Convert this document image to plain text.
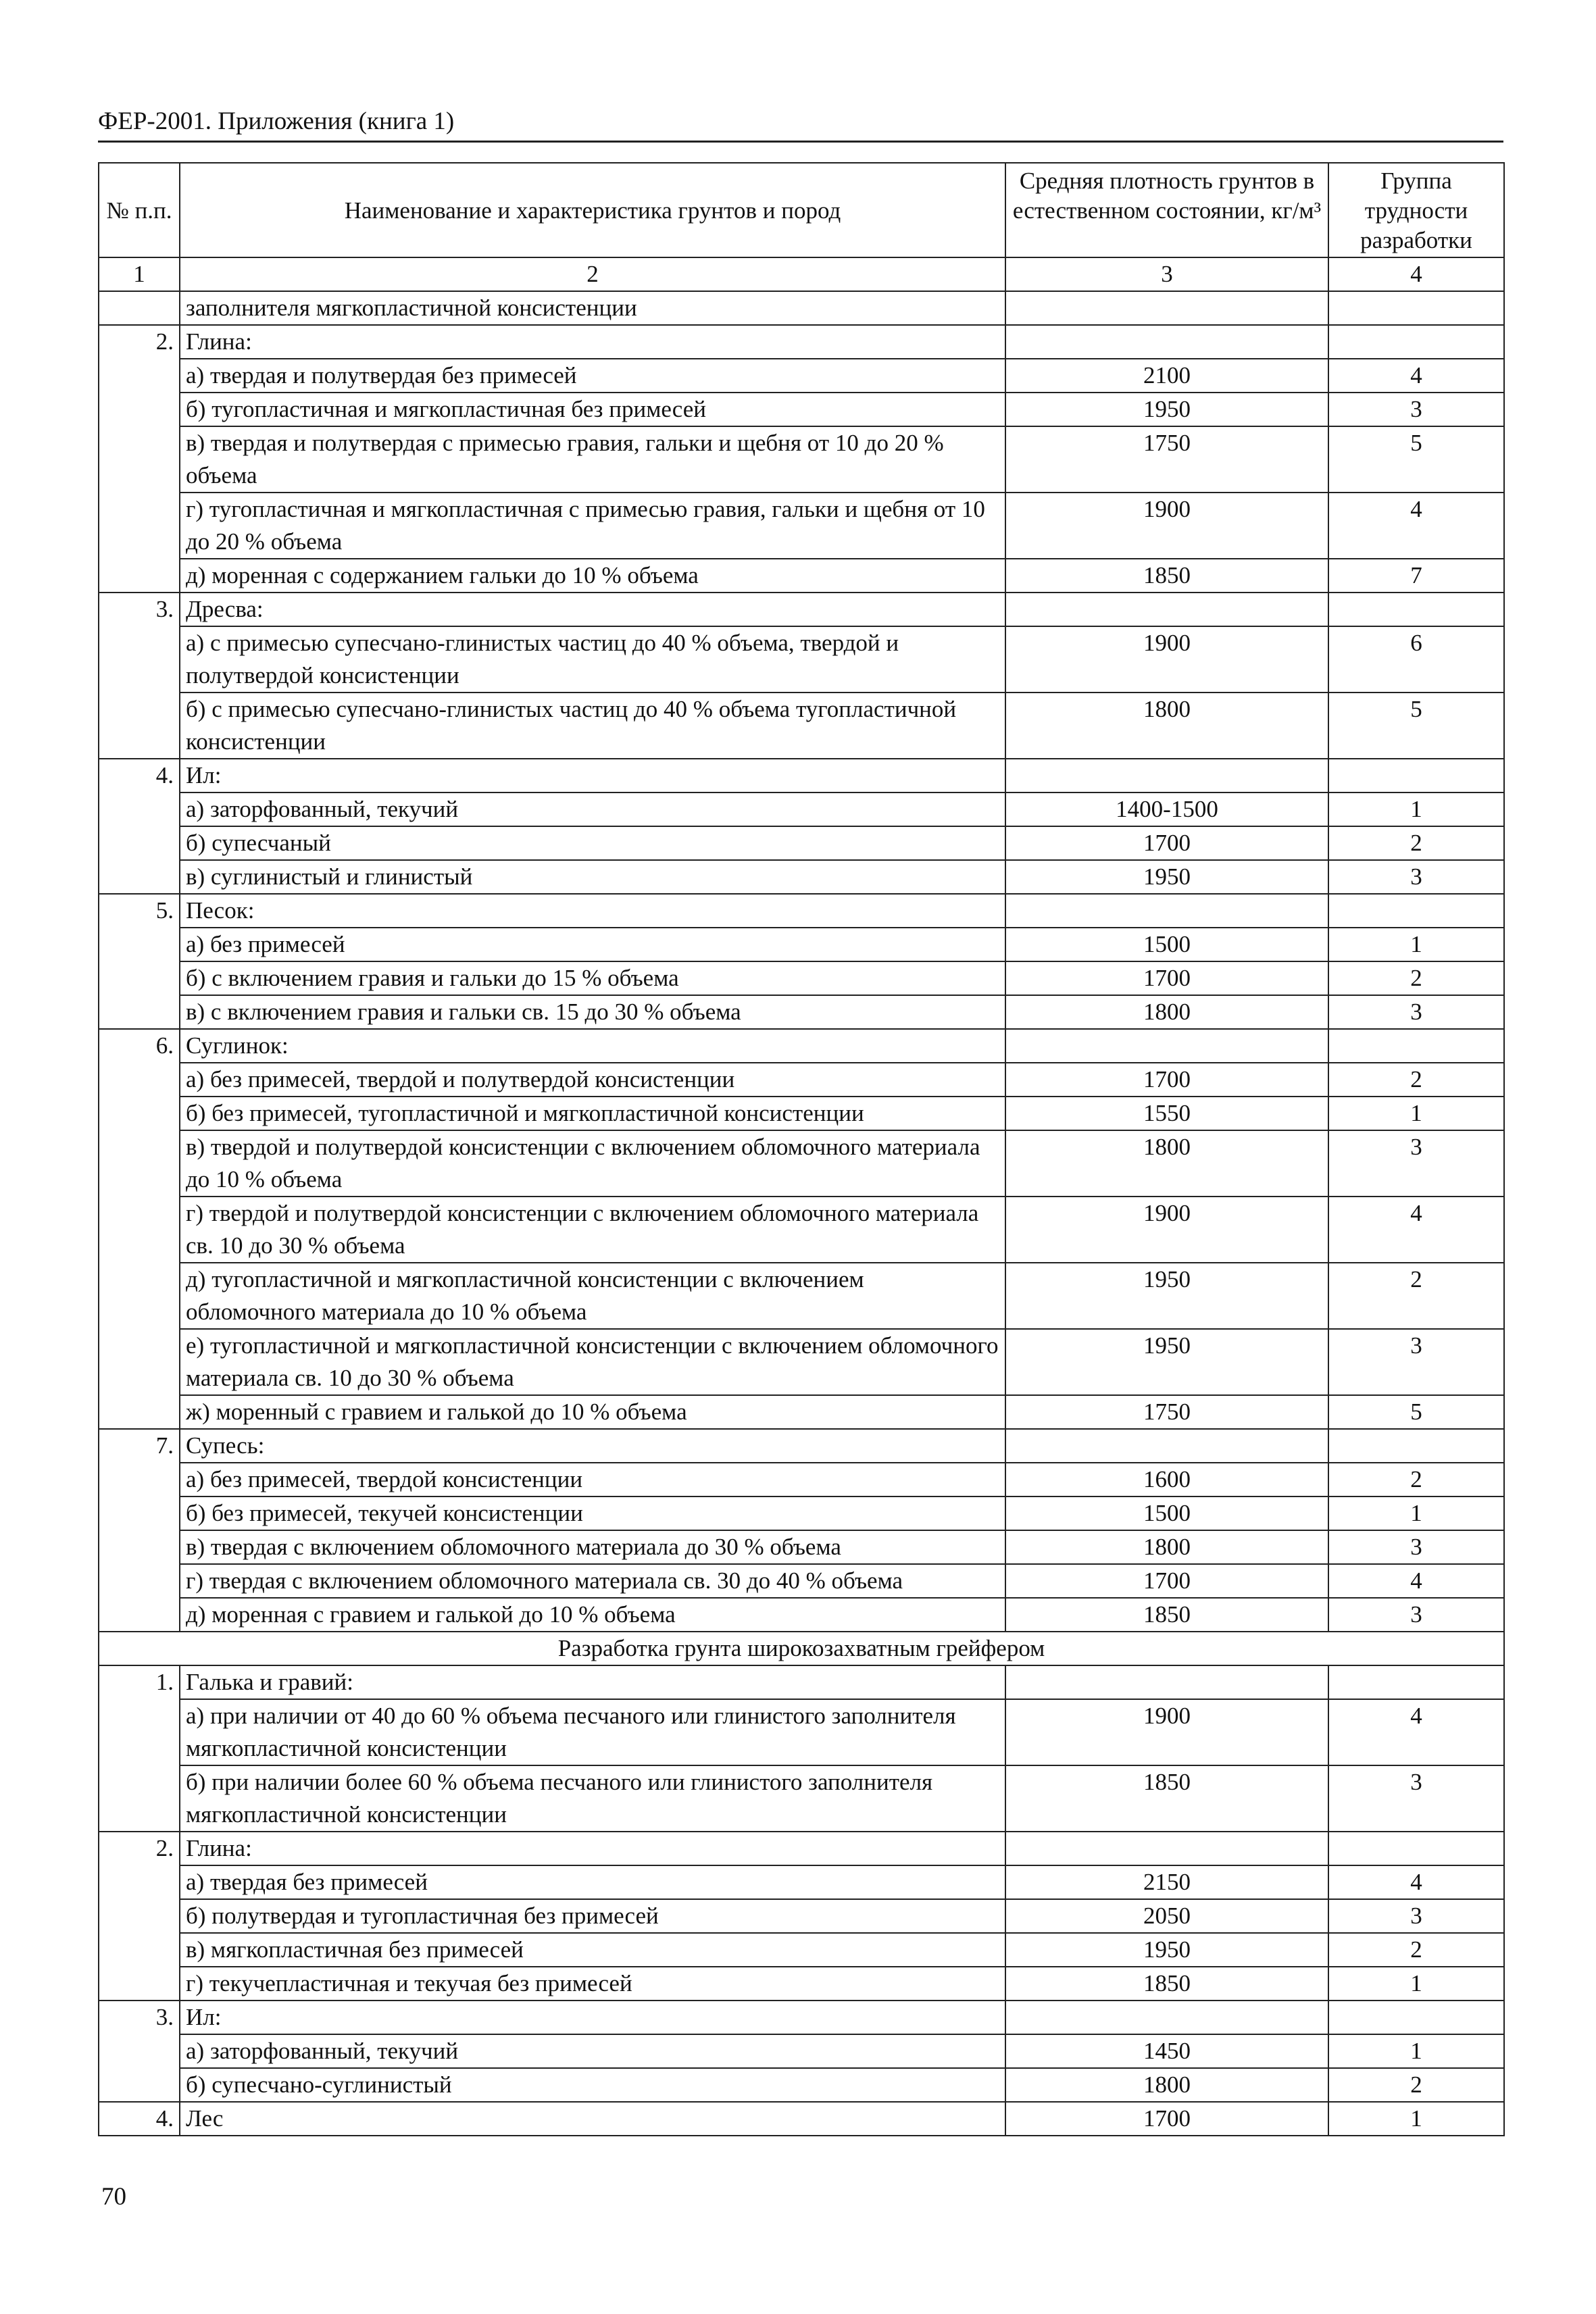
ФЕР-2001. Приложения (книга 1)
№ п.п.	Наименование и характеристика грунтов и пород	Средняя плотность грунтов в естественном состоянии, кг/м³	Группа трудности разработки
1	2	3	4
	заполнителя мягкопластичной консистенции		
2.	Глина:		
	а) твердая и полутвердая без примесей	2100	4
	б) тугопластичная и мягкопластичная без примесей	1950	3
	в) твердая и полутвердая с примесью гравия, гальки и щебня от 10 до 20 % объема	1750	5
	г) тугопластичная и мягкопластичная с примесью гравия, гальки и щебня от 10 до 20 % объема	1900	4
	д) моренная с содержанием гальки до 10 % объема	1850	7
3.	Дресва:		
	а) с примесью супесчано-глинистых частиц до 40 % объема, твердой и полутвердой консистенции	1900	6
	б) с примесью супесчано-глинистых частиц до 40 % объема тугопластичной консистенции	1800	5
4.	Ил:		
	а) заторфованный, текучий	1400-1500	1
	б) супесчаный	1700	2
	в) суглинистый и глинистый	1950	3
5.	Песок:		
	а) без примесей	1500	1
	б) с включением гравия и гальки до 15 % объема	1700	2
	в) с включением гравия и гальки св. 15 до 30 % объема	1800	3
6.	Суглинок:		
	а) без примесей, твердой и полутвердой консистенции	1700	2
	б) без примесей, тугопластичной и мягкопластичной консистенции	1550	1
	в) твердой и полутвердой консистенции с включением обломочного материала до 10 % объема	1800	3
	г) твердой и полутвердой консистенции с включением обломочного материала св. 10 до 30 % объема	1900	4
	д) тугопластичной и мягкопластичной консистенции с включением обломочного материала до 10 % объема	1950	2
	е) тугопластичной и мягкопластичной консистенции с включением обломочного материала св. 10 до 30 % объема	1950	3
	ж) моренный с гравием и галькой до 10 % объема	1750	5
7.	Супесь:		
	а) без примесей, твердой консистенции	1600	2
	б) без примесей, текучей консистенции	1500	1
	в) твердая с включением обломочного материала до 30 % объема	1800	3
	г) твердая с включением обломочного материала св. 30 до 40 % объема	1700	4
	д) моренная с гравием и галькой до 10 % объема	1850	3
Разработка грунта широкозахватным грейфером			
1.	Галька и гравий:		
	а) при наличии от 40 до 60 % объема песчаного или глинистого заполнителя мягкопластичной консистенции	1900	4
	б) при наличии более 60 % объема песчаного или глинистого заполнителя мягкопластичной консистенции	1850	3
2.	Глина:		
	а) твердая без примесей	2150	4
	б) полутвердая и тугопластичная без примесей	2050	3
	в) мягкопластичная без примесей	1950	2
	г) текучепластичная и текучая без примесей	1850	1
3.	Ил:		
	а) заторфованный, текучий	1450	1
	б) супесчано-суглинистый	1800	2
4.	Лес	1700	1
70
